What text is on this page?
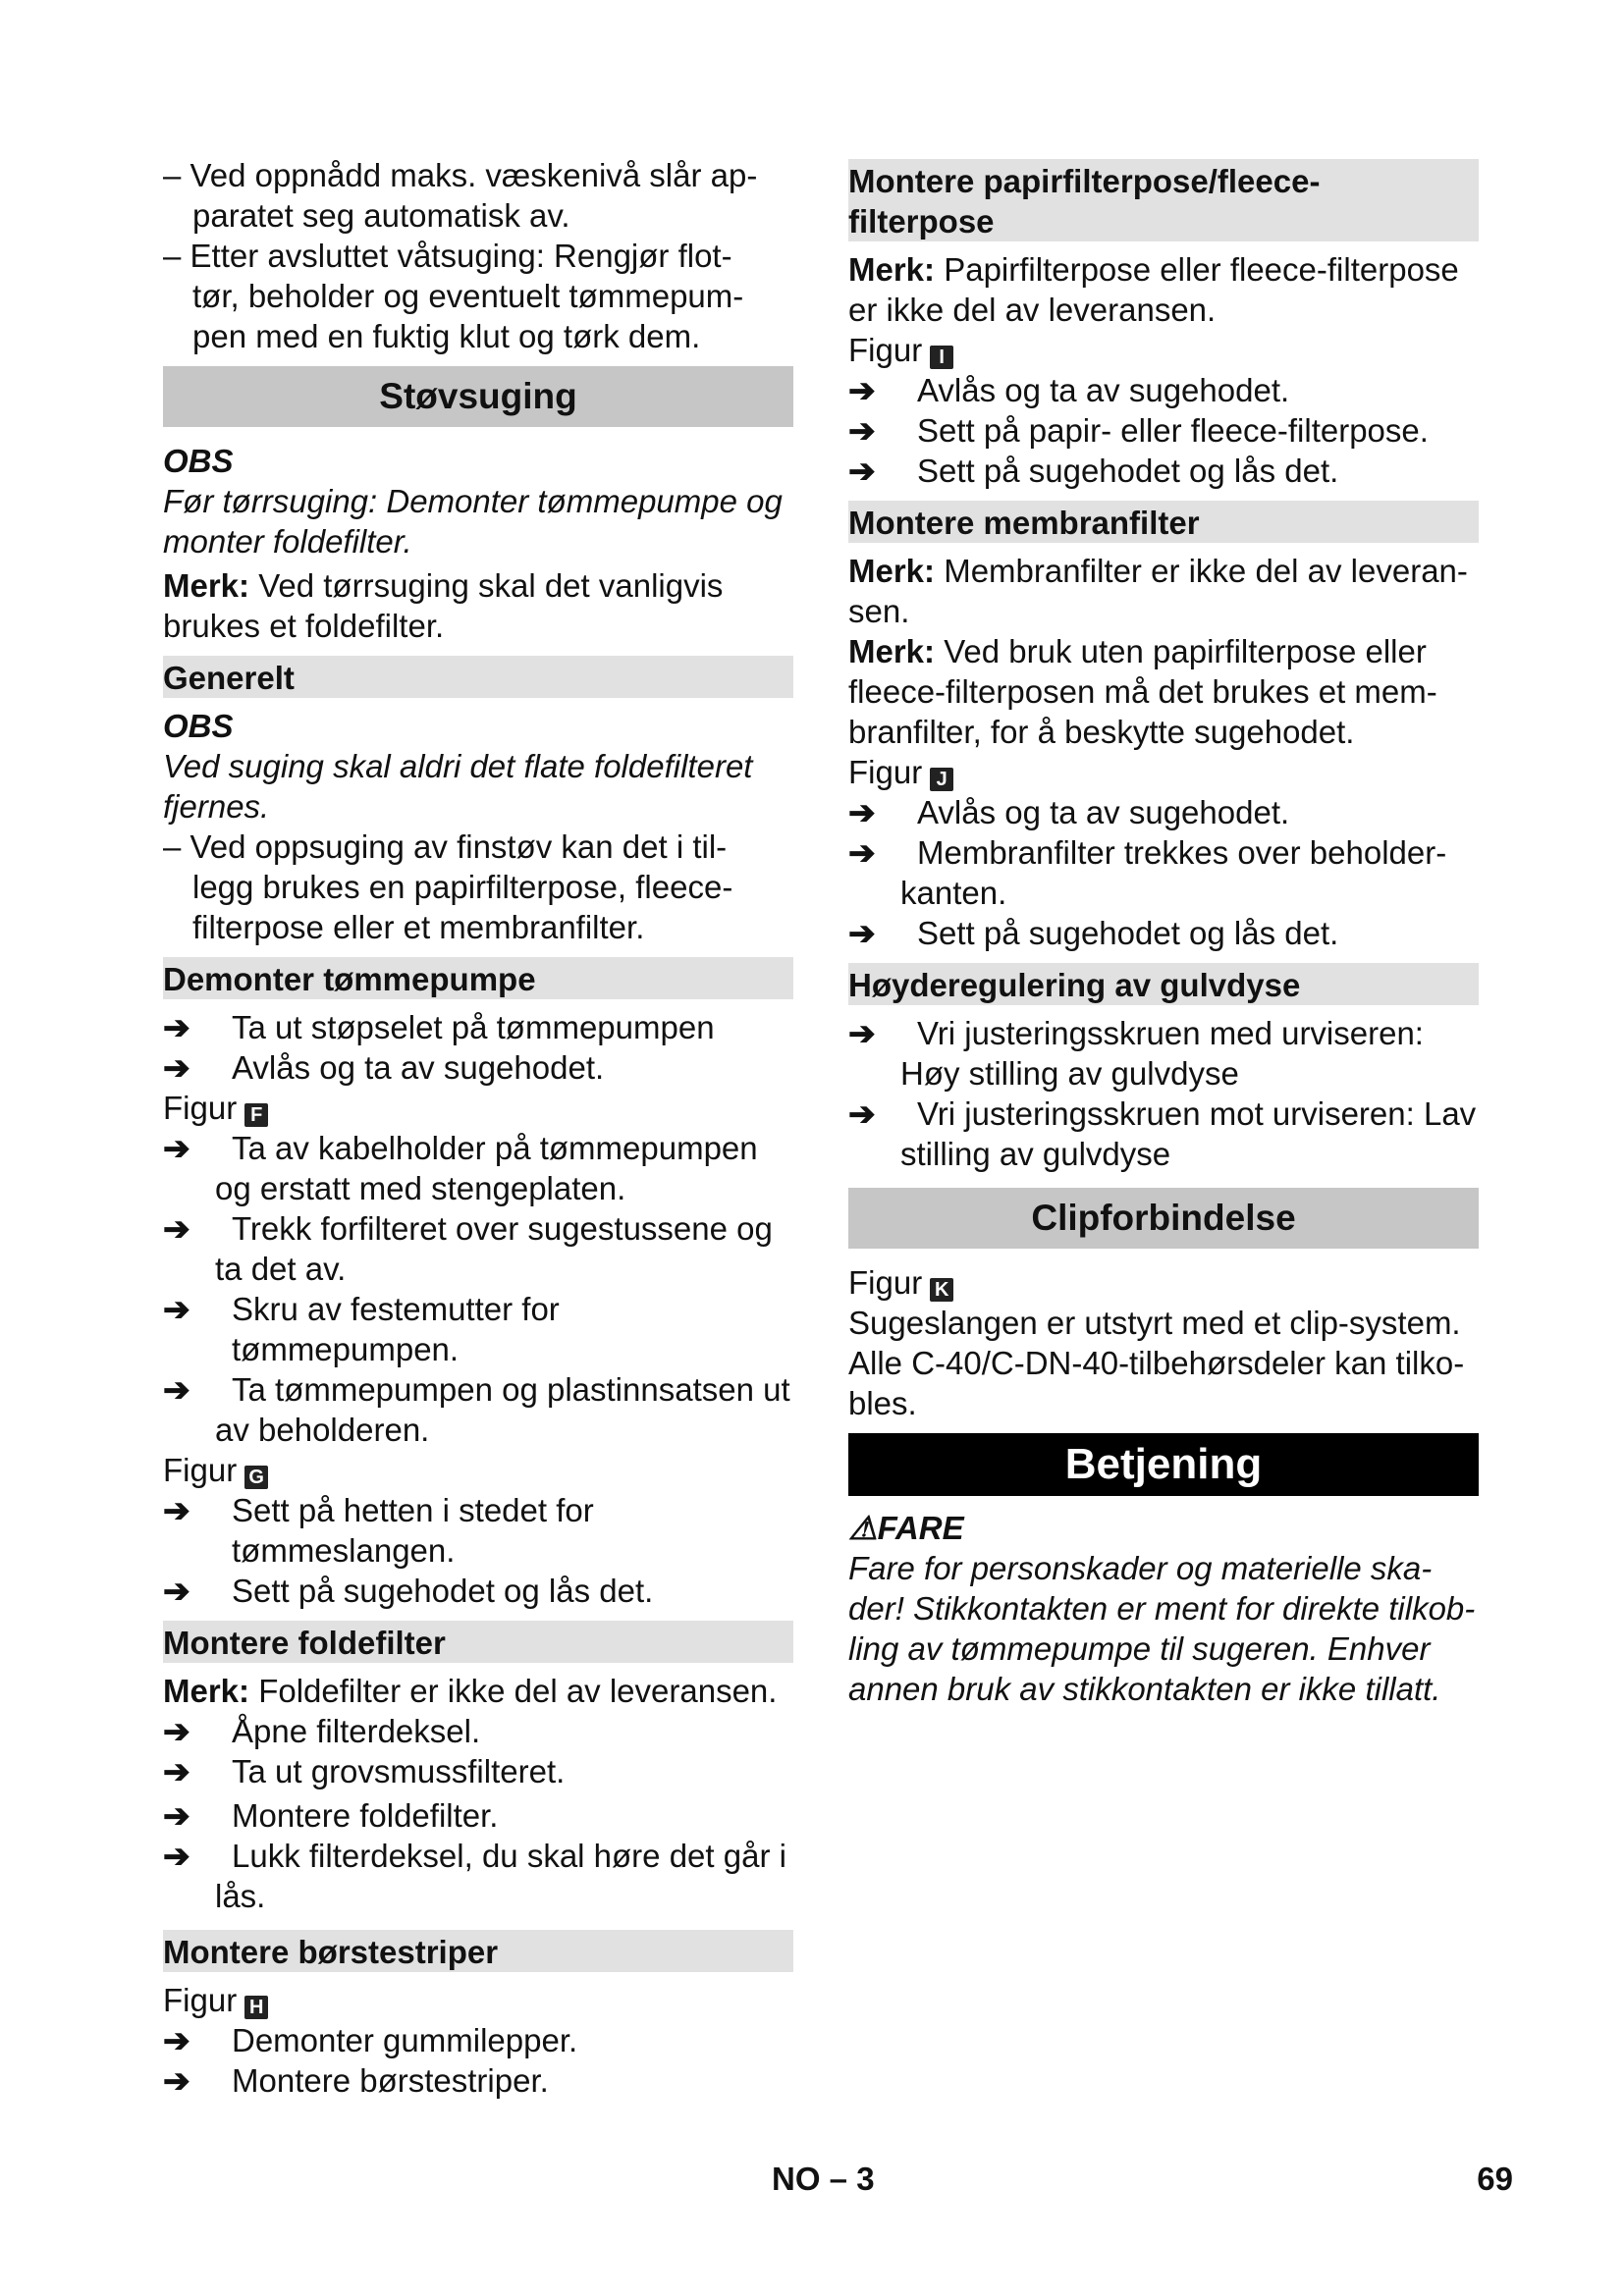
– Ved oppnådd maks. væskenivå slår ap-
paratet seg automatisk av.

– Etter avsluttet våtsuging: Rengjør flot-
tør, beholder og eventuelt tømmepum-
pen med en fuktig klut og tørk dem.

Støvsuging

OBS

Før tørrsuging: Demonter tømmepumpe og
monter foldefilter.

Merk: Ved tørrsuging skal det vanligvis
brukes et foldefilter.

Generelt

OBS

Ved suging skal aldri det flate foldefilteret
fjernes.

– Ved oppsuging av finstøv kan det i til-
legg brukes en papirfilterpose, fleece-
filterpose eller et membranfilter.

Demonter tømmepumpe
➔	Ta ut støpselet på tømmepumpen
➔	Avlås og ta av sugehodet.

Figur F

➔	Ta av kabelholder på tømmepumpen
og erstatt med stengeplaten.
➔	Trekk forfilteret over sugestussene og
ta det av.
➔	Skru av festemutter for tømmepumpen.
➔	Ta tømmepumpen og plastinnsatsen ut
av beholderen.

Figur G

➔	Sett på hetten i stedet for tømmeslangen.
➔	Sett på sugehodet og lås det.
Montere foldefilter

Merk: Foldefilter er ikke del av leveransen.

➔	Åpne filterdeksel.
➔	Ta ut grovsmussfilteret.
➔	Montere foldefilter.
➔	Lukk filterdeksel, du skal høre det går i
lås.
Montere børstestriper

Figur H

➔	Demonter gummilepper.
➔	Montere børstestriper.
Montere papirfilterpose/fleece-
filterpose

Merk: Papirfilterpose eller fleece-filterpose
er ikke del av leveransen.

Figur I

➔	Avlås og ta av sugehodet.
➔	Sett på papir- eller fleece-filterpose.
➔	Sett på sugehodet og lås det.
Montere membranfilter

Merk: Membranfilter er ikke del av leveran-
sen.

Merk: Ved bruk uten papirfilterpose eller
fleece-filterposen må det brukes et mem-
branfilter, for å beskytte sugehodet.

Figur J

➔	Avlås og ta av sugehodet.
➔	Membranfilter trekkes over beholder-
kanten.
➔	Sett på sugehodet og lås det.
Høyderegulering av gulvdyse
➔	Vri justeringsskruen med urviseren:
Høy stilling av gulvdyse
➔	Vri justeringsskruen mot urviseren: Lav
stilling av gulvdyse
Clipforbindelse

Figur K

Sugeslangen er utstyrt med et clip-system.
Alle C-40/C-DN-40-tilbehørsdeler kan tilko-
bles.

Betjening

⚠FARE

Fare for personskader og materielle ska-
der! Stikkontakten er ment for direkte tilkob-
ling av tømmepumpe til sugeren. Enhver
annen bruk av stikkontakten er ikke tillatt.

NO – 3	69
